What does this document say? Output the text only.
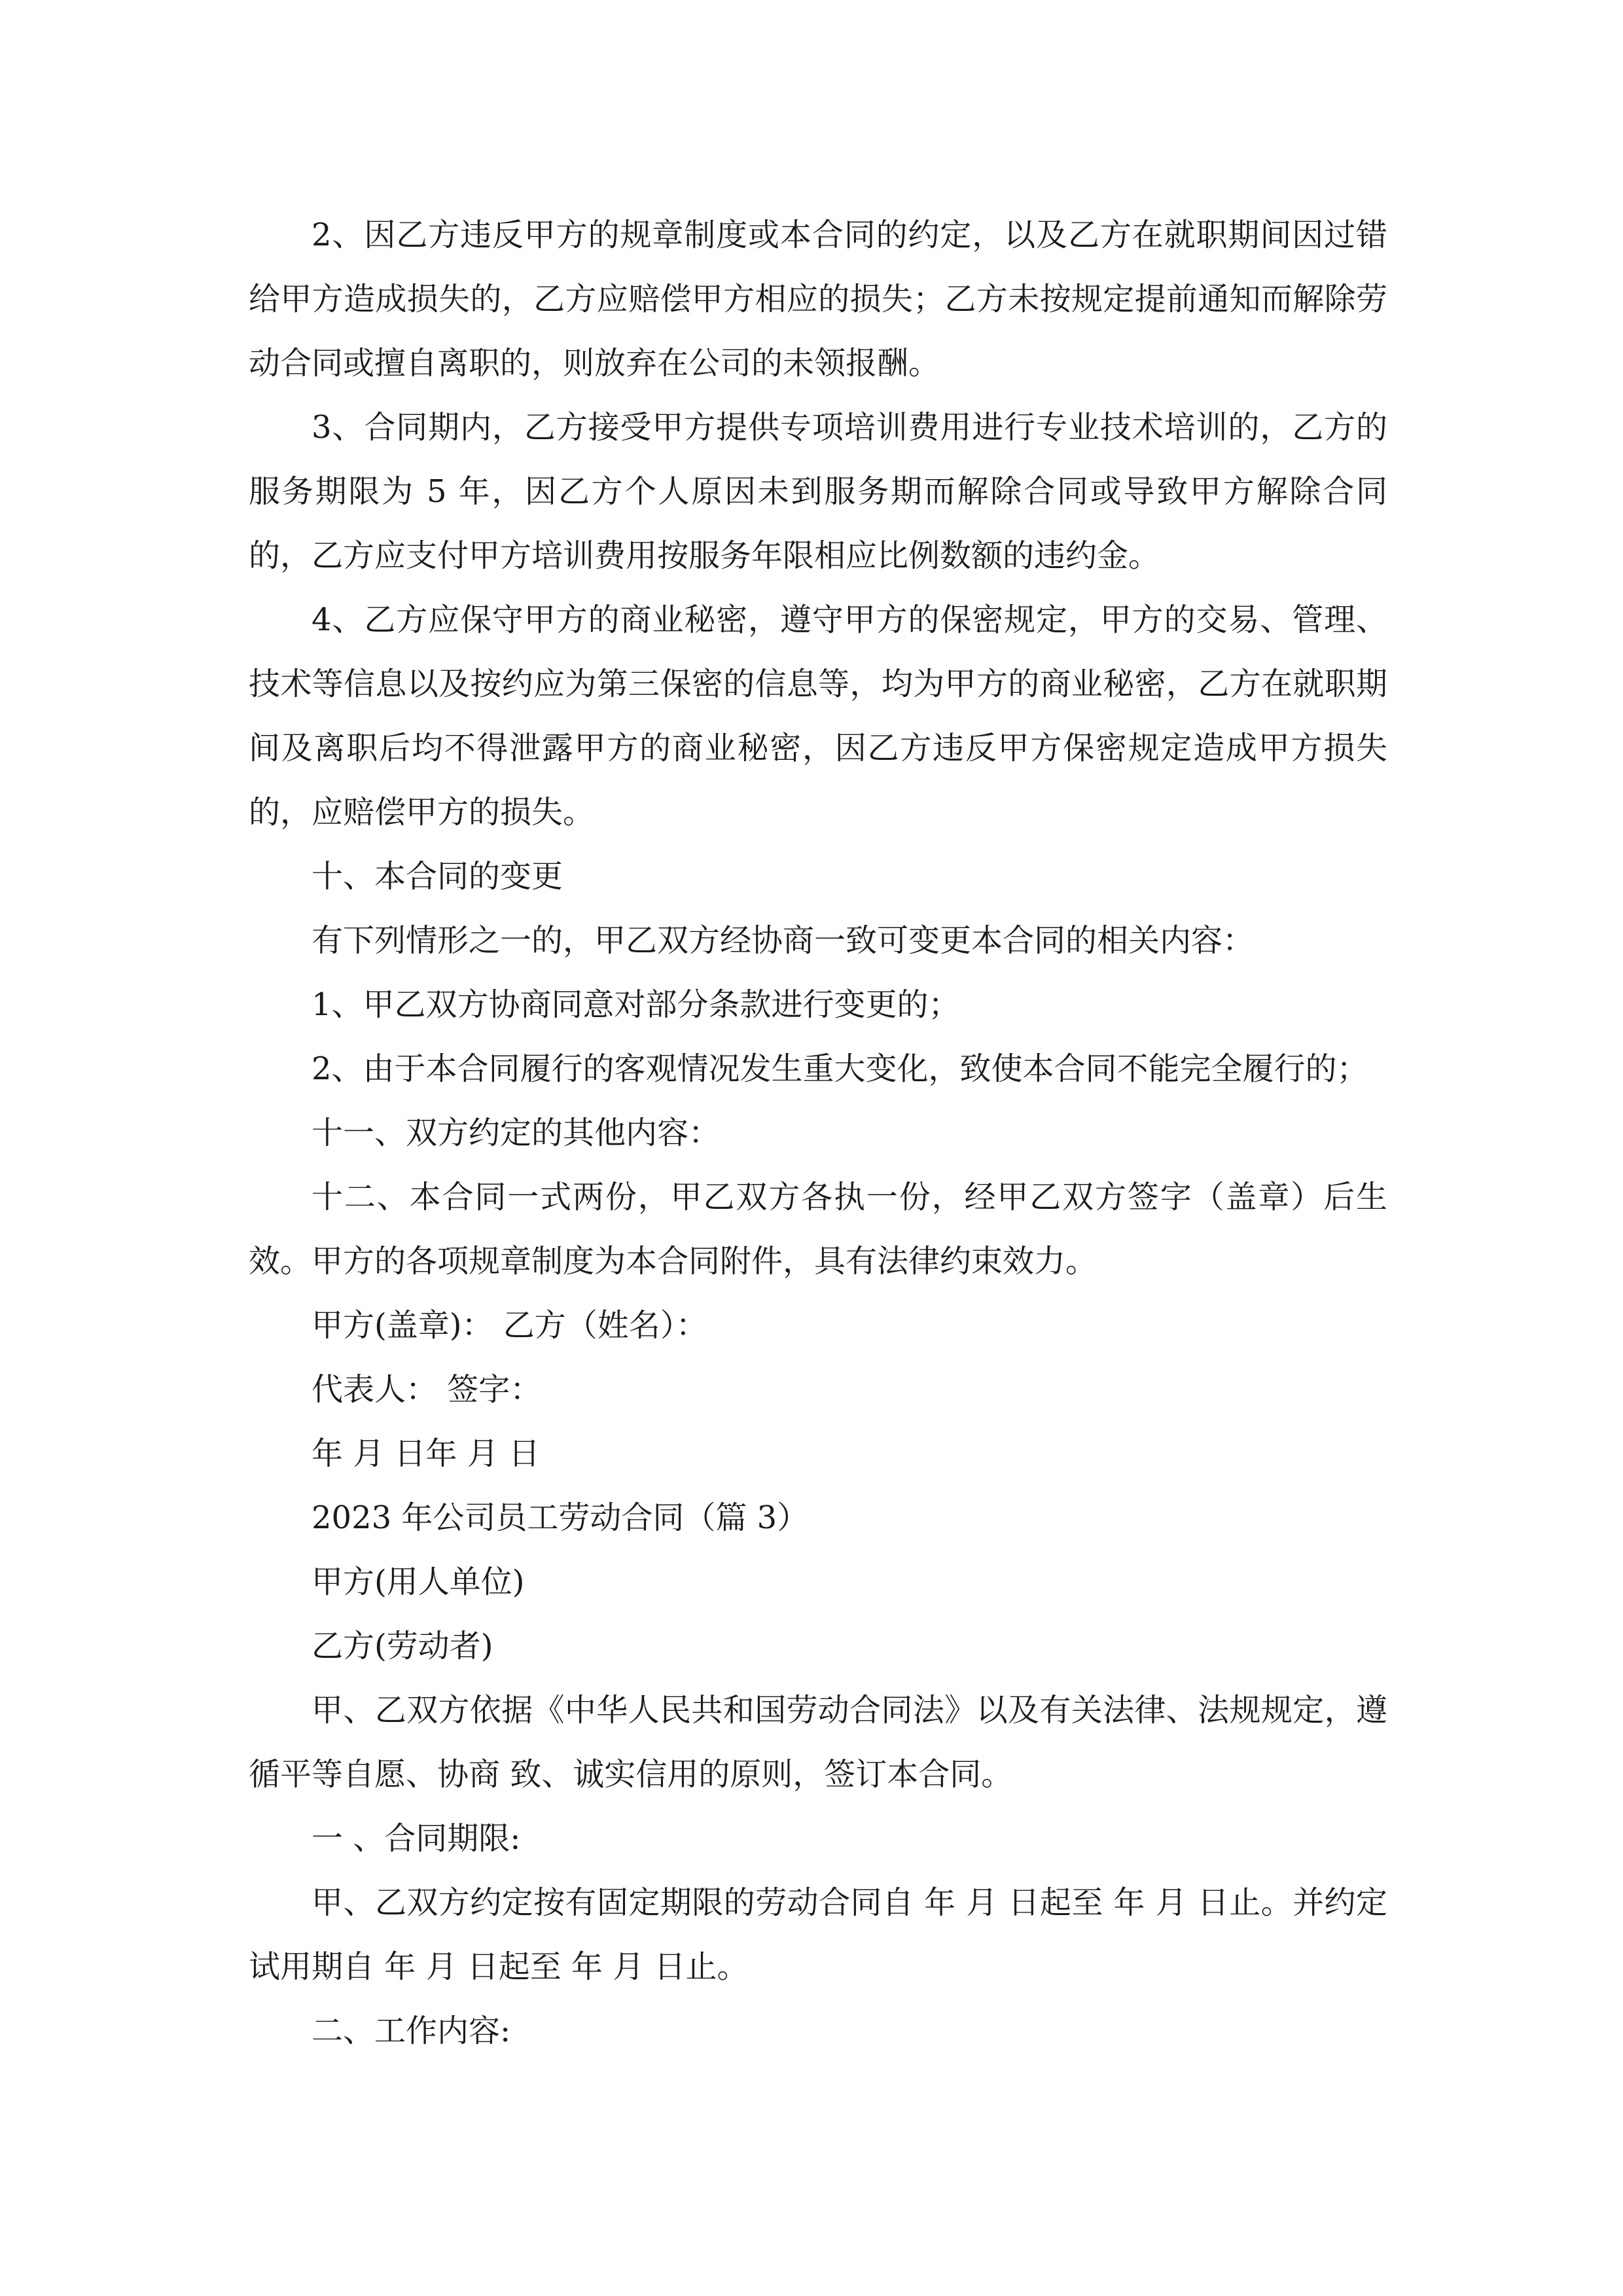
2、因乙方违反甲方的规章制度或本合同的约定，以及乙方在就职期间因过错给甲方造成损失的，乙方应赔偿甲方相应的损失；乙方未按规定提前通知而解除劳动合同或擅自离职的，则放弃在公司的未领报酬。

3、合同期内，乙方接受甲方提供专项培训费用进行专业技术培训的，乙方的服务期限为 5 年，因乙方个人原因未到服务期而解除合同或导致甲方解除合同的，乙方应支付甲方培训费用按服务年限相应比例数额的违约金。

4、乙方应保守甲方的商业秘密，遵守甲方的保密规定，甲方的交易、管理、技术等信息以及按约应为第三保密的信息等，均为甲方的商业秘密，乙方在就职期间及离职后均不得泄露甲方的商业秘密，因乙方违反甲方保密规定造成甲方损失的，应赔偿甲方的损失。

十、本合同的变更

有下列情形之一的，甲乙双方经协商一致可变更本合同的相关内容：

1、甲乙双方协商同意对部分条款进行变更的；

2、由于本合同履行的客观情况发生重大变化，致使本合同不能完全履行的；

十一、双方约定的其他内容：

十二、本合同一式两份，甲乙双方各执一份，经甲乙双方签字（盖章）后生效。甲方的各项规章制度为本合同附件，具有法律约束效力。

甲方(盖章)： 乙方（姓名）：

代表人： 签字：

年 月 日年 月 日

2023 年公司员工劳动合同（篇 3）

甲方(用人单位)

乙方(劳动者)

甲、乙双方依据《中华人民共和国劳动合同法》以及有关法律、法规规定，遵循平等自愿、协商 致、诚实信用的原则，签订本合同。

一 、合同期限:

甲、乙双方约定按有固定期限的劳动合同自 年 月 日起至 年 月 日止。并约定试用期自 年 月 日起至 年 月 日止。

二、工作内容:
